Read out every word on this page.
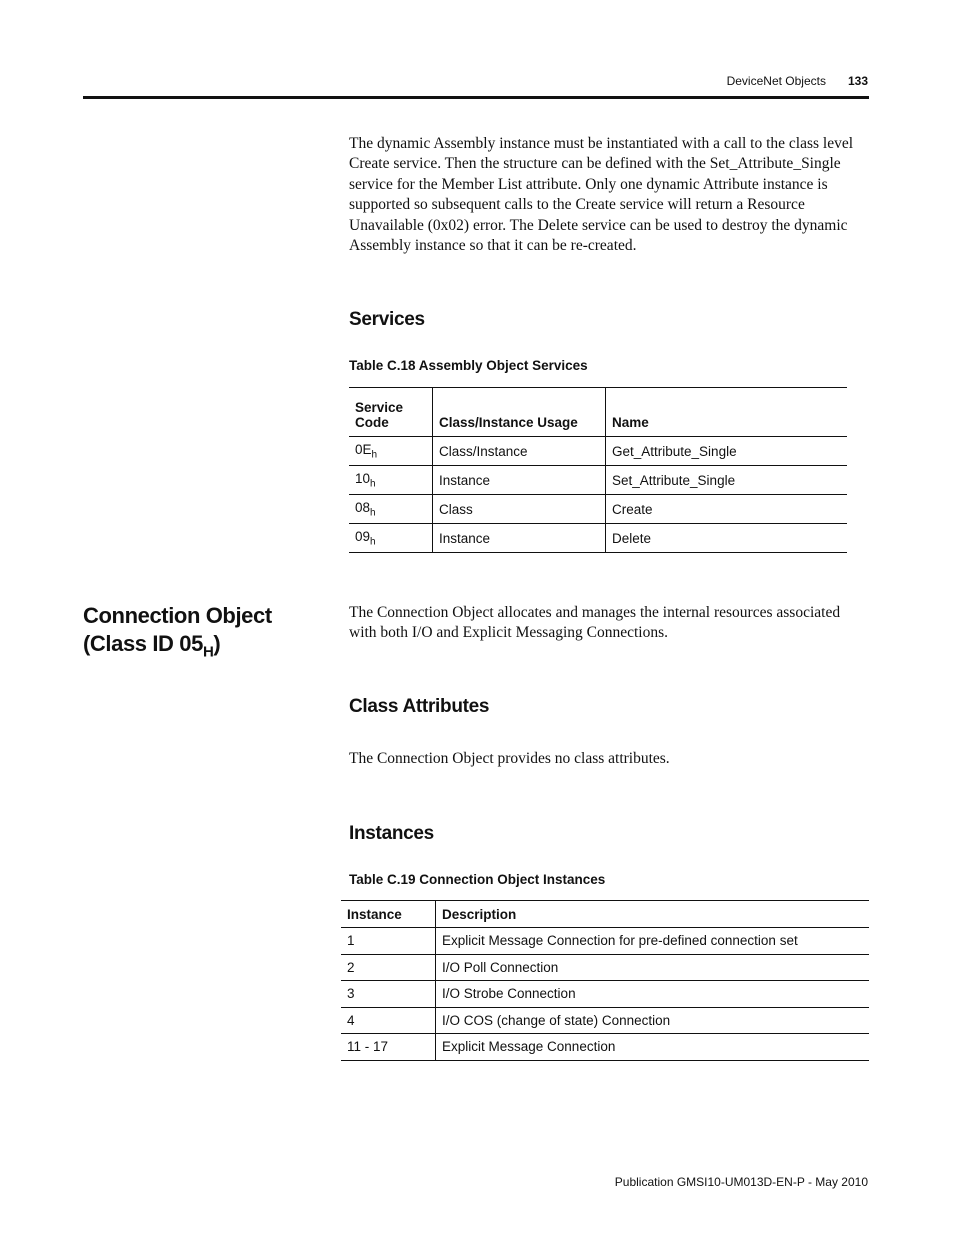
DeviceNet Objects 133

The dynamic Assembly instance must be instantiated with a call to the class level Create service. Then the structure can be defined with the Set_Attribute_Single service for the Member List attribute. Only one dynamic Attribute instance is supported so subsequent calls to the Create service will return a Resource Unavailable (0x02) error. The Delete service can be used to destroy the dynamic Assembly instance so that it can be re-created.

Services

Table C.18 Assembly Object Services

Service Code	Class/Instance Usage	Name
$0E_h$	Class/Instance	Get_Attribute_Single
$10_h$	Instance	Set_Attribute_Single
$08_h$	Class	Create
$09_h$	Instance	Delete
Connection Object
(Class ID $05_H$)

The Connection Object allocates and manages the internal resources associated with both I/O and Explicit Messaging Connections.

Class Attributes

The Connection Object provides no class attributes.

Instances

Table C.19 Connection Object Instances

Instance	Description
1	Explicit Message Connection for pre-defined connection set
2	I/O Poll Connection
3	I/O Strobe Connection
4	I/O COS (change of state) Connection
11 - 17	Explicit Message Connection
Publication GMSI10-UM013D-EN-P - May 2010
